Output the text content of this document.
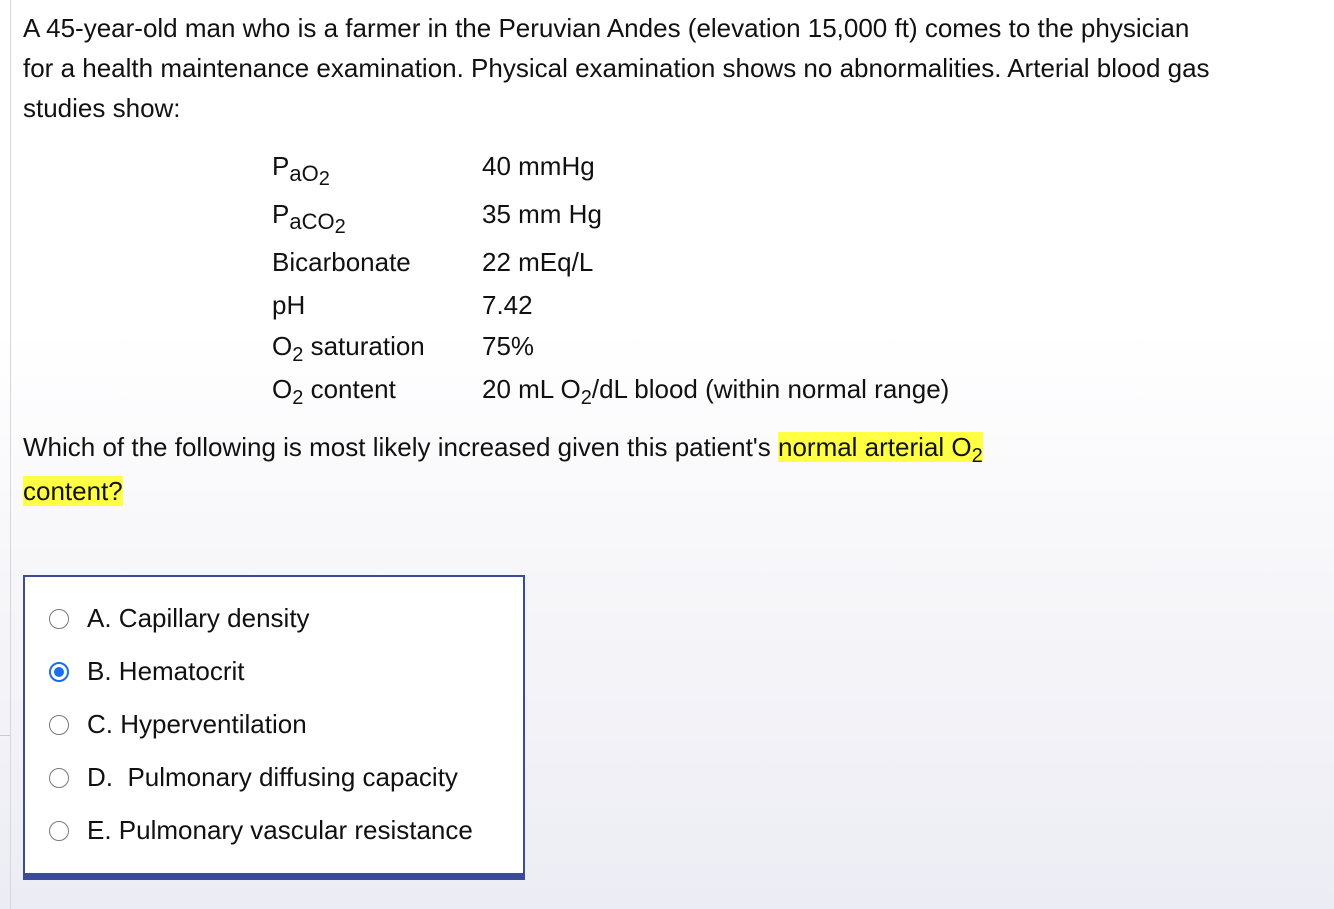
A 45-year-old man who is a farmer in the Peruvian Andes (elevation 15,000 ft) comes to the physician for a health maintenance examination. Physical examination shows no abnormalities. Arterial blood gas studies show:

$P_{aO2}$	40 mmHg
$P_{aCO2}$	35 mm Hg
Bicarbonate	22 mEq/L
pH	7.42
$O_2$ saturation	75%
$O_2$ content	20 mL $O_2/dL$ blood (within normal range)

Which of the following is most likely increased given this patient's normal arterial $O_2$
content?

A. Capillary density
B. Hematocrit
C. Hyperventilation
D.  Pulmonary diffusing capacity
E. Pulmonary vascular resistance
